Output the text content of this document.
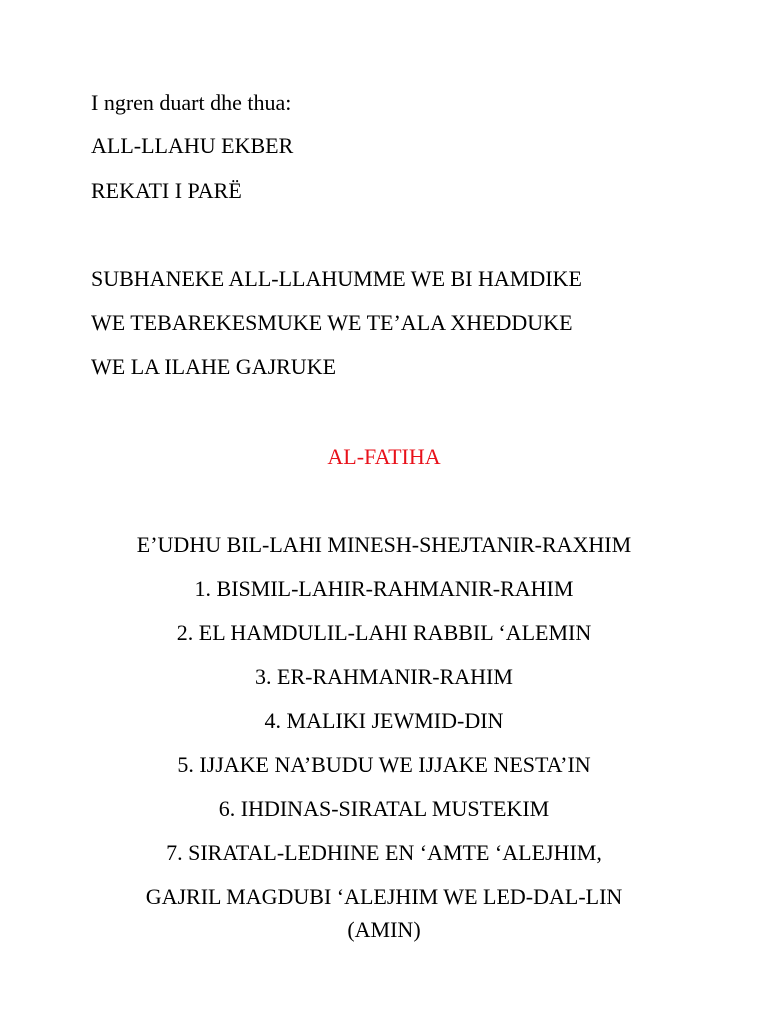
I ngren duart dhe thua:
ALL-LLAHU EKBER
REKATI I PARË
SUBHANEKE ALL-LLAHUMME WE BI HAMDIKE
WE TEBAREKESMUKE WE TE’ALA XHEDDUKE
WE LA ILAHE GAJRUKE
AL-FATIHA
E’UDHU BIL-LAHI MINESH-SHEJTANIR-RAXHIM
1. BISMIL-LAHIR-RAHMANIR-RAHIM
2. EL HAMDULIL-LAHI RABBIL ‘ALEMIN
3. ER-RAHMANIR-RAHIM
4. MALIKI JEWMID-DIN
5. IJJAKE NA’BUDU WE IJJAKE NESTA’IN
6. IHDINAS-SIRATAL MUSTEKIM
7. SIRATAL-LEDHINE EN ‘AMTE ‘ALEJHIM,
GAJRIL MAGDUBI ‘ALEJHIM WE LED-DAL-LIN
(AMIN)
